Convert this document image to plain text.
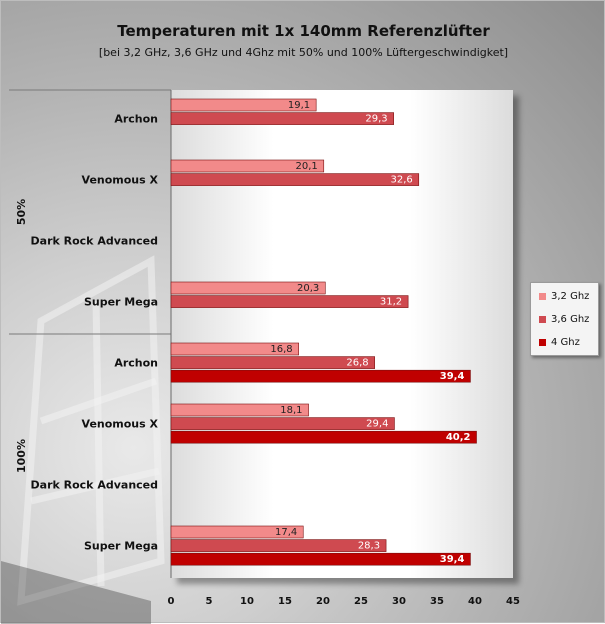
Temperaturen mit 1x 140mm Referenzlüfter
[bei 3,2 GHz, 3,6 GHz und 4Ghz mit 50% und 100% Lüftergeschwindigket]
50%
Archon
19,1
29,3
Venomous X
20,1
32,6
Dark Rock Advanced
Super Mega
20,3
31,2
100%
Archon
16,8
26,8
39,4
Venomous X
18,1
29,4
40,2
Dark Rock Advanced
Super Mega
17,4
28,3
39,4
0	5	10 15 20 25 30 35 40 45
3,2 Ghz
3,6 Ghz
4 Ghz
